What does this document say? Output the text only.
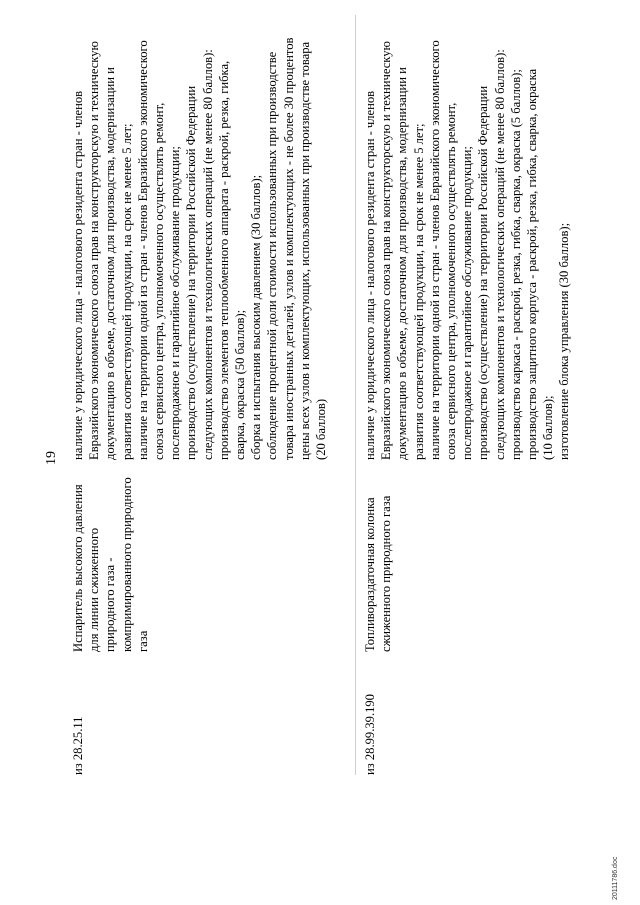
19
из 28.25.11
Испаритель высокого давления для линии сжиженного природного газа - компримированного природного газа
наличие у юридического лица - налогового резидента стран - членов Евразийского экономического союза прав на конструкторскую и техническую документацию в объеме, достаточном для производства, модернизации и развития соответствующей продукции, на срок не менее 5 лет; наличие на территории одной из стран - членов Евразийского экономического союза сервисного центра, уполномоченного осуществлять ремонт, послепродажное и гарантийное обслуживание продукции; производство (осуществление) на территории Российской Федерации следующих компонентов и технологических операций (не менее 80 баллов): производство элементов теплообменного аппарата - раскрой, резка, гибка, сварка, окраска (50 баллов); сборка и испытания высоким давлением (30 баллов); соблюдение процентной доли стоимости использованных при производстве товара иностранных деталей, узлов и комплектующих - не более 30 процентов цены всех узлов и комплектующих, использованных при производстве товара (20 баллов)
из 28.99.39.190
Топливораздаточная колонка сжиженного природного газа
наличие у юридического лица - налогового резидента стран - членов Евразийского экономического союза прав на конструкторскую и техническую документацию в объеме, достаточном для производства, модернизации и развития соответствующей продукции, на срок не менее 5 лет; наличие на территории одной из стран - членов Евразийского экономического союза сервисного центра, уполномоченного осуществлять ремонт, послепродажное и гарантийное обслуживание продукции; производство (осуществление) на территории Российской Федерации следующих компонентов и технологических операций (не менее 80 баллов): производство каркаса - раскрой, резка, гибка, сварка, окраска (5 баллов); производство защитного корпуса - раскрой, резка, гибка, сварка, окраска (10 баллов); изготовление блока управления (30 баллов);
20111786.doc
